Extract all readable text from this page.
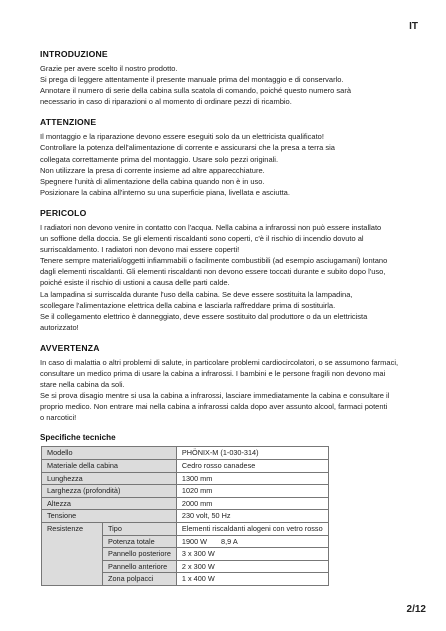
IT
INTRODUZIONE
Grazie per avere scelto il nostro prodotto.
Si prega di leggere attentamente il presente manuale prima del montaggio e di conservarlo.
Annotare il numero di serie della cabina sulla scatola di comando, poiché questo numero sarà
necessario in caso di riparazioni o al momento di ordinare pezzi di ricambio.
ATTENZIONE
Il montaggio e la riparazione devono essere eseguiti solo da un elettricista qualificato!
Controllare la potenza dell'alimentazione di corrente e assicurarsi che la presa a terra sia
collegata correttamente prima del montaggio. Usare solo pezzi originali.
Non utilizzare la presa di corrente insieme ad altre apparecchiature.
Spegnere l'unità di alimentazione della cabina quando non è in uso.
Posizionare la cabina all'interno su una superficie piana, livellata e asciutta.
PERICOLO
I radiatori non devono venire in contatto con l'acqua. Nella cabina a infrarossi non può essere installato
un soffione della doccia. Se gli elementi riscaldanti sono coperti, c'è il rischio di incendio dovuto al
surriscaldamento. I radiatori non devono mai essere coperti!
Tenere sempre materiali/oggetti infiammabili o facilmente combustibili (ad esempio asciugamani) lontano
dagli elementi riscaldanti. Gli elementi riscaldanti non devono essere toccati durante e subito dopo l'uso,
poiché esiste il rischio di ustioni a causa delle parti calde.
La lampadina si surriscalda durante l'uso della cabina. Se deve essere sostituita la lampadina,
scollegare l'alimentazione elettrica della cabina e lasciarla raffreddare prima di sostituirla.
Se il collegamento elettrico è danneggiato, deve essere sostituito dal produttore o da un elettricista
autorizzato!
AVVERTENZA
In caso di malattia o altri problemi di salute, in particolare problemi cardiocircolatori, o se assumono farmaci,
consultare un medico prima di usare la cabina a infrarossi. I bambini e le persone fragili non devono mai
stare nella cabina da soli.
Se si prova disagio mentre si usa la cabina a infrarossi, lasciare immediatamente la cabina e consultare il
proprio medico. Non entrare mai nella cabina a infrarossi calda dopo aver assunto alcool, farmaci potenti
o narcotici!
Specifiche tecniche
Modello		PHÖNIX-M (1-030-314)
Materiale della cabina		Cedro rosso canadese
Lunghezza		1300 mm
Larghezza (profondità)		1020 mm
Altezza		2000 mm
Tensione		230 volt, 50 Hz
Resistenze	Tipo	Elementi riscaldanti alogeni con vetro rosso
	Potenza totale	1900 W 8,9 A
	Pannello posteriore	3 x 300 W
	Pannello anteriore	2 x 300 W
	Zona polpacci	1 x 400 W
2/12
